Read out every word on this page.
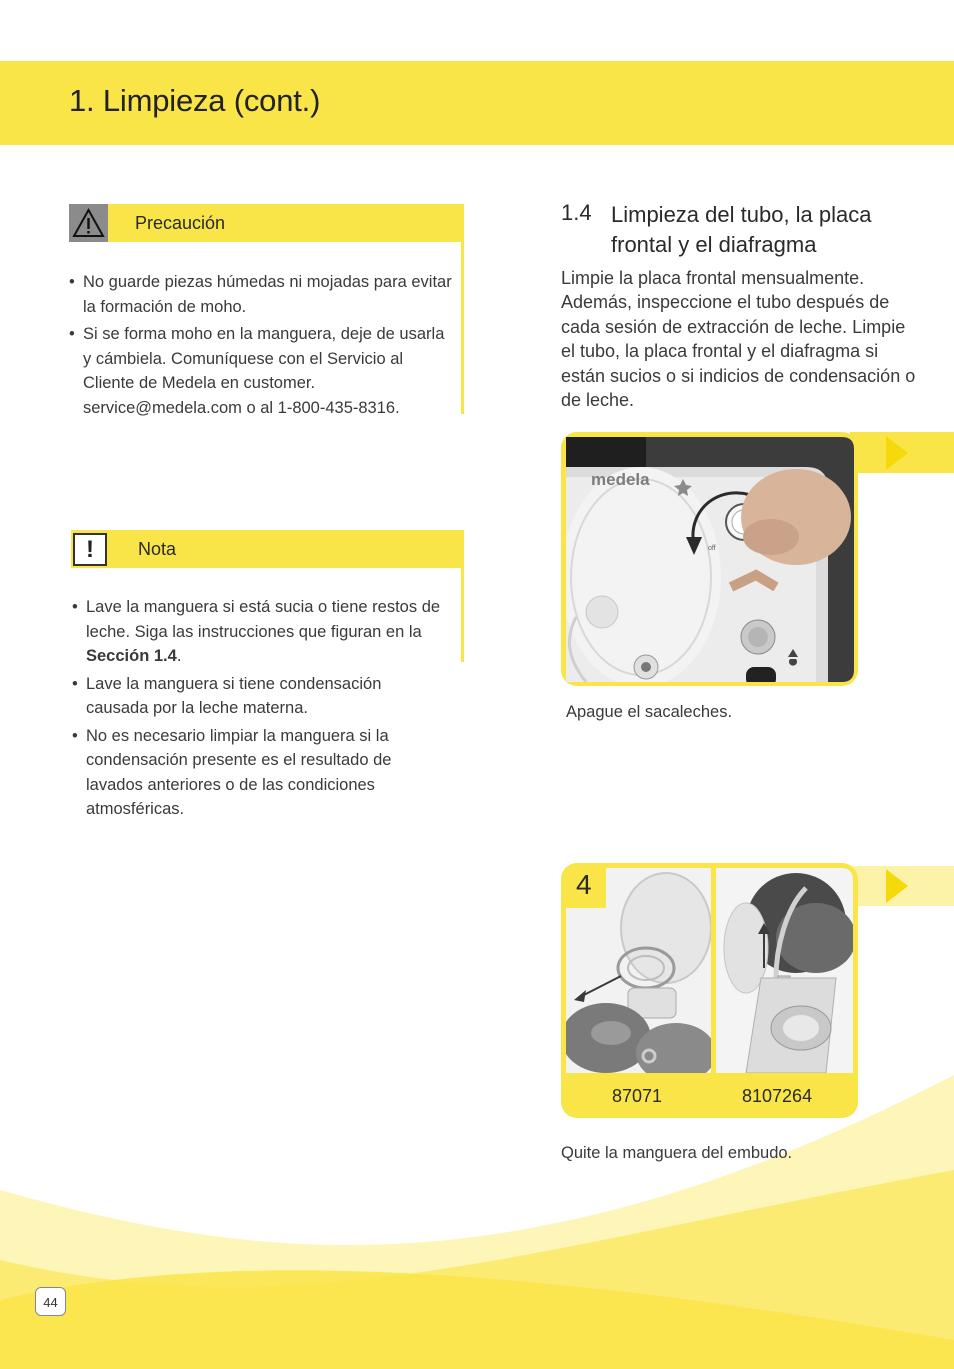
1. Limpieza (cont.)
Precaución
• No guarde piezas húmedas ni mojadas para evitar la formación de moho.
• Si se forma moho en la manguera, deje de usarla y cámbiela. Comuníquese con el Servicio al Cliente de Medela en customer. service@medela.com o al 1-800-435-8316.
!	Nota
• Lave la manguera si está sucia o tiene restos de leche. Siga las instrucciones que figuran en la Sección 1.4.
• Lave la manguera si tiene condensación causada por la leche materna.
• No es necesario limpiar la manguera si la condensación presente es el resultado de lavados anteriores o de las condiciones atmosféricas.
1.4 Limpieza del tubo, la placa frontal y el diafragma
Limpie la placa frontal mensualmente. Además, inspeccione el tubo después de cada sesión de extracción de leche. Limpie el tubo, la placa frontal y el diafragma si están sucios o si indicios de condensación o de leche.
medela
off
Apague el sacaleches.
4
87071	8107264
Quite la manguera del embudo.
44
